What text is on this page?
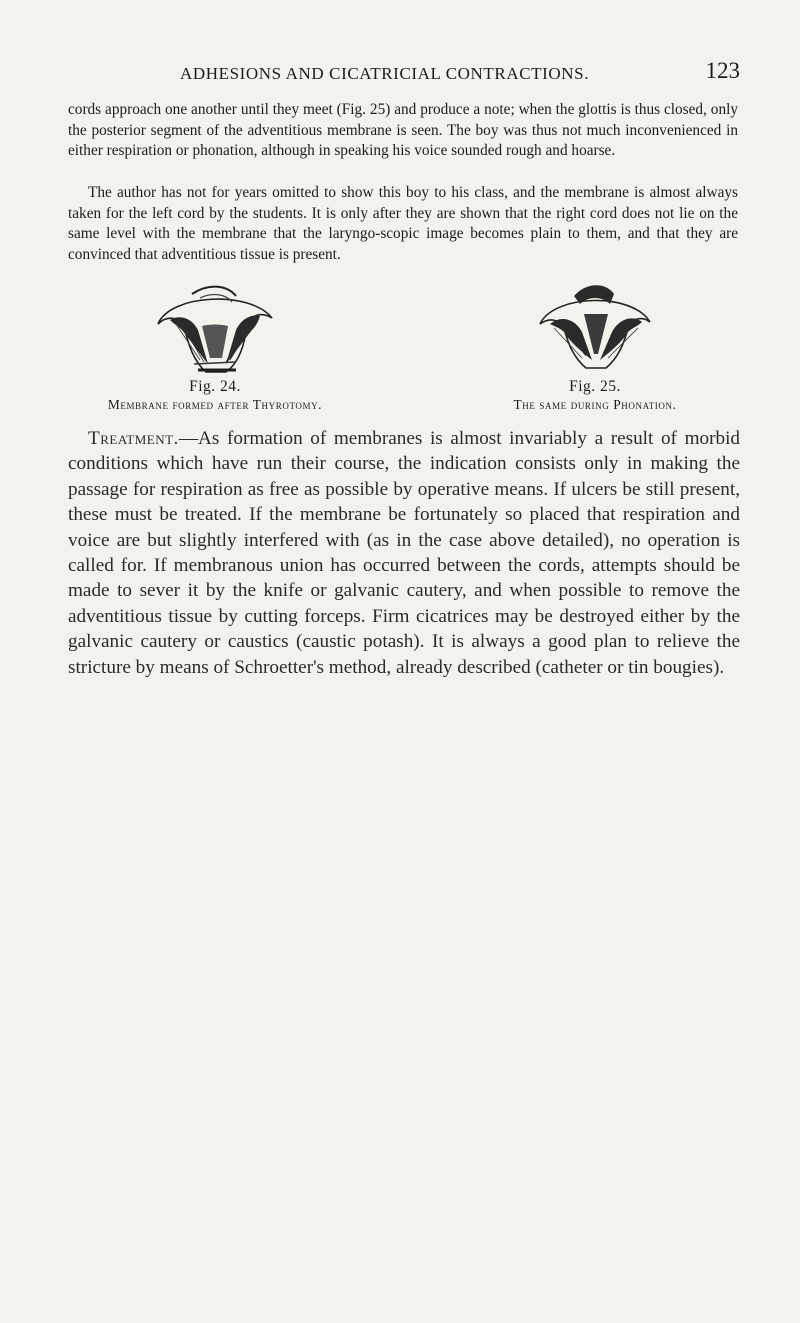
ADHESIONS AND CICATRICIAL CONTRACTIONS.	123

cords approach one another until they meet (Fig. 25) and produce a note; when the glottis is thus closed, only the posterior segment of the adventitious membrane is seen. The boy was thus not much inconvenienced in either respiration or phonation, although in speaking his voice sounded rough and hoarse.

The author has not for years omitted to show this boy to his class, and the membrane is almost always taken for the left cord by the students. It is only after they are shown that the right cord does not lie on the same level with the membrane that the laryngo-scopic image becomes plain to them, and that they are convinced that adventitious tissue is present.

Fig. 24.
Membrane formed after Thyrotomy.
Fig. 25.
The same during Phonation.

Treatment.—As formation of membranes is almost invariably a result of morbid conditions which have run their course, the indication consists only in making the passage for respiration as free as possible by operative means. If ulcers be still present, these must be treated. If the membrane be fortunately so placed that respiration and voice are but slightly interfered with (as in the case above detailed), no operation is called for. If membranous union has occurred between the cords, attempts should be made to sever it by the knife or galvanic cautery, and when possible to remove the adventitious tissue by cutting forceps. Firm cicatrices may be destroyed either by the galvanic cautery or caustics (caustic potash). It is always a good plan to relieve the stricture by means of Schroetter's method, already described (catheter or tin bougies).
